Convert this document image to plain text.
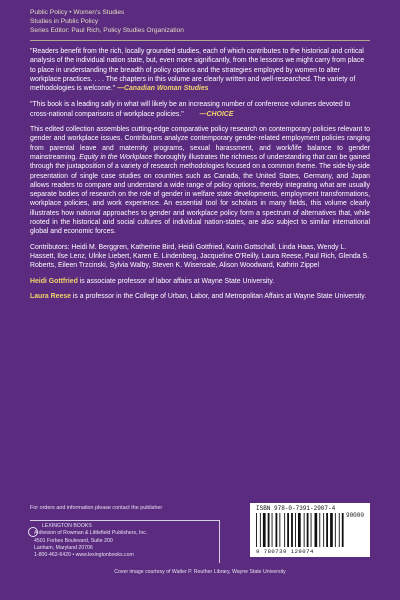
Public Policy • Women's Studies
Studies in Public Policy
Series Editor: Paul Rich, Policy Studies Organization

"Readers benefit from the rich, locally grounded studies, each of which contributes to the historical and critical analysis of the individual nation state, but, even more significantly, from the lessons we might carry from place to place in understanding the breadth of policy options and the strategies employed by women to alter workplace practices. . . . The chapters in this volume are clearly written and well-researched. The variety of methodologies is welcome." —Canadian Woman Studies

"This book is a leading sally in what will likely be an increasing number of conference volumes devoted to cross-national comparisons of workplace policies." —CHOICE

This edited collection assembles cutting-edge comparative policy research on contemporary policies relevant to gender and workplace issues. Contributors analyze contemporary gender-related employment policies ranging from parental leave and maternity programs, sexual harassment, and work/life balance to gender mainstreaming. Equity in the Workplace thoroughly illustrates the richness of understanding that can be gained through the juxtaposition of a variety of research methodologies focused on a common theme. The side-by-side presentation of single case studies on countries such as Canada, the United States, Germany, and Japan allows readers to compare and understand a wide range of policy options, thereby integrating what are usually separate bodies of research on the role of gender in welfare state developments, employment transformations, workplace policies, and work experience. An essential tool for scholars in many fields, this volume clearly illustrates how national approaches to gender and workplace policy form a spectrum of alternatives that, while rooted in the historical and social cultures of individual nation-states, are also subject to similar international global and economic forces.

Contributors: Heidi M. Berggren, Katherine Bird, Heidi Gottfried, Karin Gottschall, Linda Haas, Wendy L. Hassett, Ilse Lenz, Ulrike Liebert, Karen E. Lindenberg, Jacqueline O'Reilly, Laura Reese, Paul Rich, Glenda S. Roberts, Eileen Trzcinski, Sylvia Walby, Steven K. Wisensale, Alison Woodward, Kathrin Zippel

Heidi Gottfried is associate professor of labor affairs at Wayne State University.

Laura Reese is a professor in the College of Urban, Labor, and Metropolitan Affairs at Wayne State University.

For orders and information please contact the publisher
LEXINGTON BOOKS
A division of Rowman & Littlefield Publishers, Inc.
4501 Forbes Boulevard, Suite 200
Lanham, Maryland 20706
1-800-462-6420 • www.lexingtonbooks.com
ISBN 978-0-7391-2907-4
90000
9 780739 129074
Cover image courtesy of Walter P. Reuther Library, Wayne State University
